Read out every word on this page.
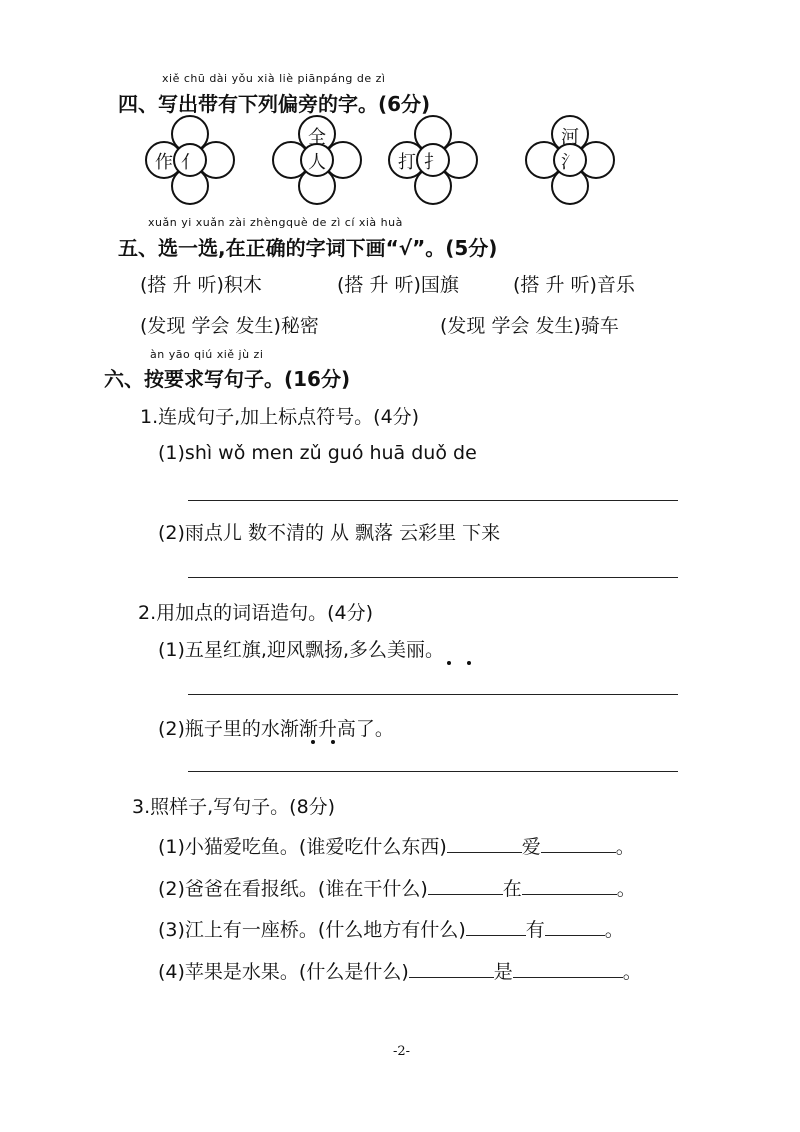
xiě chū dài yǒu xià liè piānpáng de zì
四、写出带有下列偏旁的字。(6分)
亻
作	人
全
扌
打	氵
河
xuǎn yi xuǎn zài zhèngquè de zì cí xià huà
五、选一选,在正确的字词下画“√”。(5分)
(搭 升 听)积木	(搭 升 听)国旗	(搭 升 听)音乐
(发现 学会 发生)秘密	(发现 学会 发生)骑车
àn yāo qiú xiě jù zi
六、按要求写句子。(16分)
1.连成句子,加上标点符号。(4分)
(1)shì wǒ men zǔ guó huā duǒ de
(2)雨点儿 数不清的 从 飘落 云彩里 下来
2.用加点的词语造句。(4分)
(1)五星红旗,迎风飘扬,多么美丽。
(2)瓶子里的水渐渐升高了。
3.照样子,写句子。(8分)
(1)小猫爱吃鱼。(谁爱吃什么东西)	爱	。
(2)爸爸在看报纸。(谁在干什么)	在	。
(3)江上有一座桥。(什么地方有什么)	有	。
(4)苹果是水果。(什么是什么)	是	。
-2-
